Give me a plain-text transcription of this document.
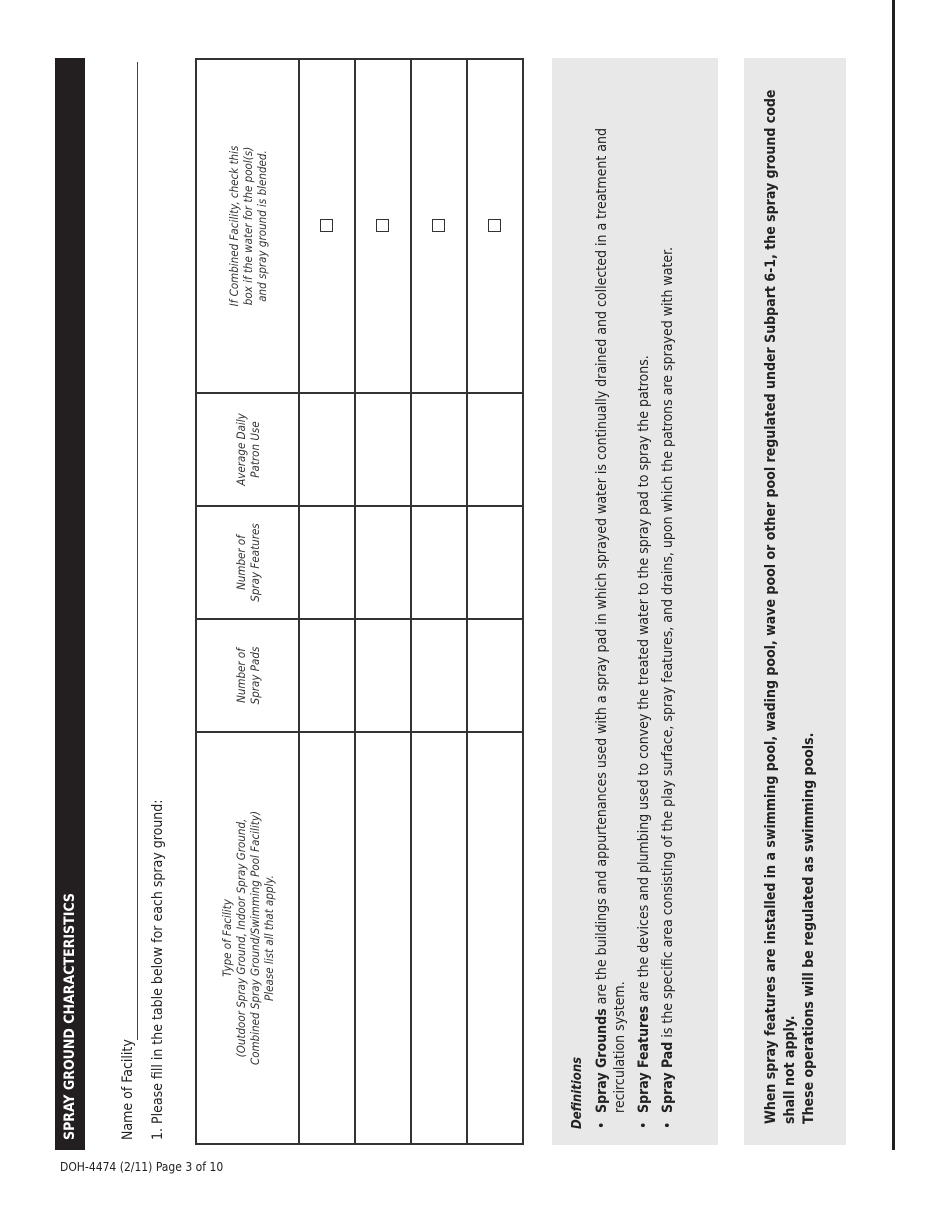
SPRAY GROUND CHARACTERISTICS	Name of Facility 1. Please fill in the table below for each spray ground:	Type of Facility
(Outdoor Spray Ground, Indoor Spray Ground,
Combined Spray Ground/Swimming Pool Facility)
Please list all that apply.	Number of
Spray Pads	Number of
Spray Features	Average Daily
Patron Use	If Combined Facility, check this
box if the water for the pool(s)
and spray ground is blended.

Definitions • Spray Grounds are the buildings and appurtenances used with a spray pad in which sprayed water is continually drained and collected in a treatment and recirculation system. • Spray Features are the devices and plumbing used to convey the treated water to the spray pad to spray the patrons.
• Spray Pad is the specific area consisting of the play surface, spray features, and drains, upon which the patrons are sprayed with water.	When spray features are installed in a swimming pool, wading pool, wave pool or other pool regulated under Subpart 6-1, the spray ground code shall not apply. These operations will be regulated as swimming pools.
DOH-4474 (2/11) Page 3 of 10
